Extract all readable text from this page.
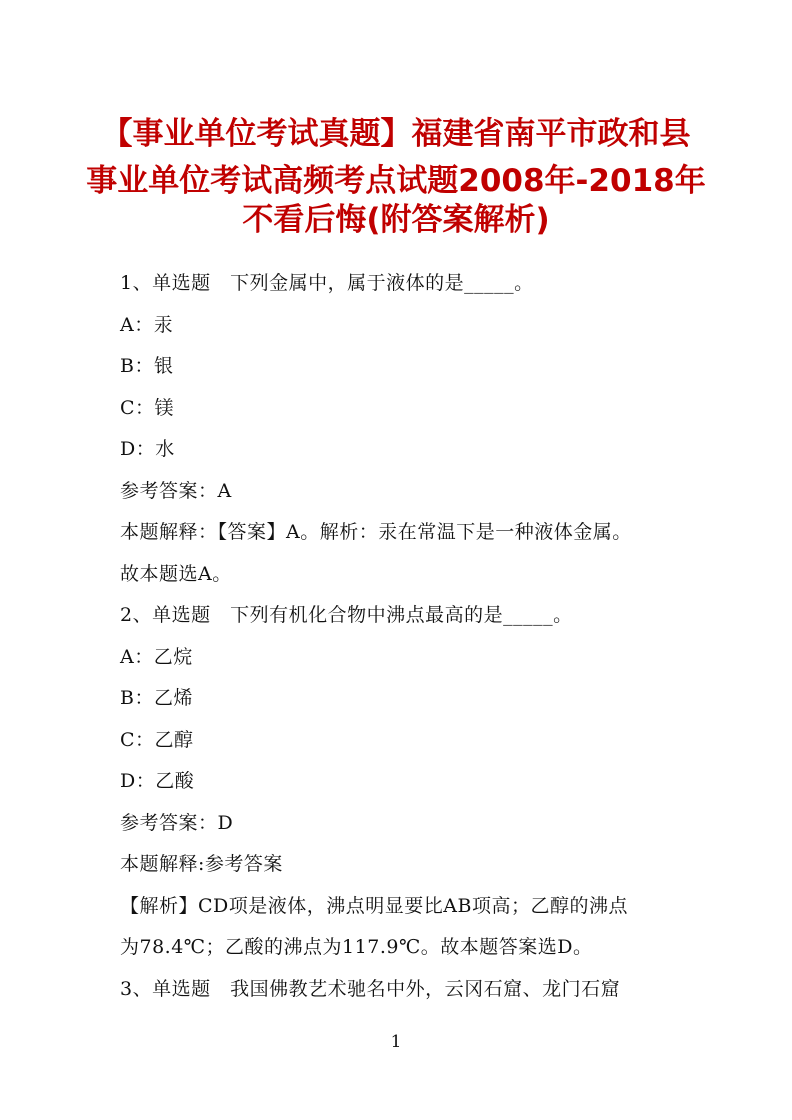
【事业单位考试真题】福建省南平市政和县
事业单位考试高频考点试题2008年-2018年
不看后悔(附答案解析)
1、单选题　下列金属中，属于液体的是_____。
A：汞
B：银
C：镁
D：水
参考答案：A
本题解释：【答案】A。解析：汞在常温下是一种液体金属。
故本题选A。
2、单选题　下列有机化合物中沸点最高的是_____。
A：乙烷
B：乙烯
C：乙醇
D：乙酸
参考答案：D
本题解释:参考答案
【解析】CD项是液体，沸点明显要比AB项高；乙醇的沸点
为78.4℃；乙酸的沸点为117.9℃。故本题答案选D。
3、单选题　我国佛教艺术驰名中外，云冈石窟、龙门石窟
1
